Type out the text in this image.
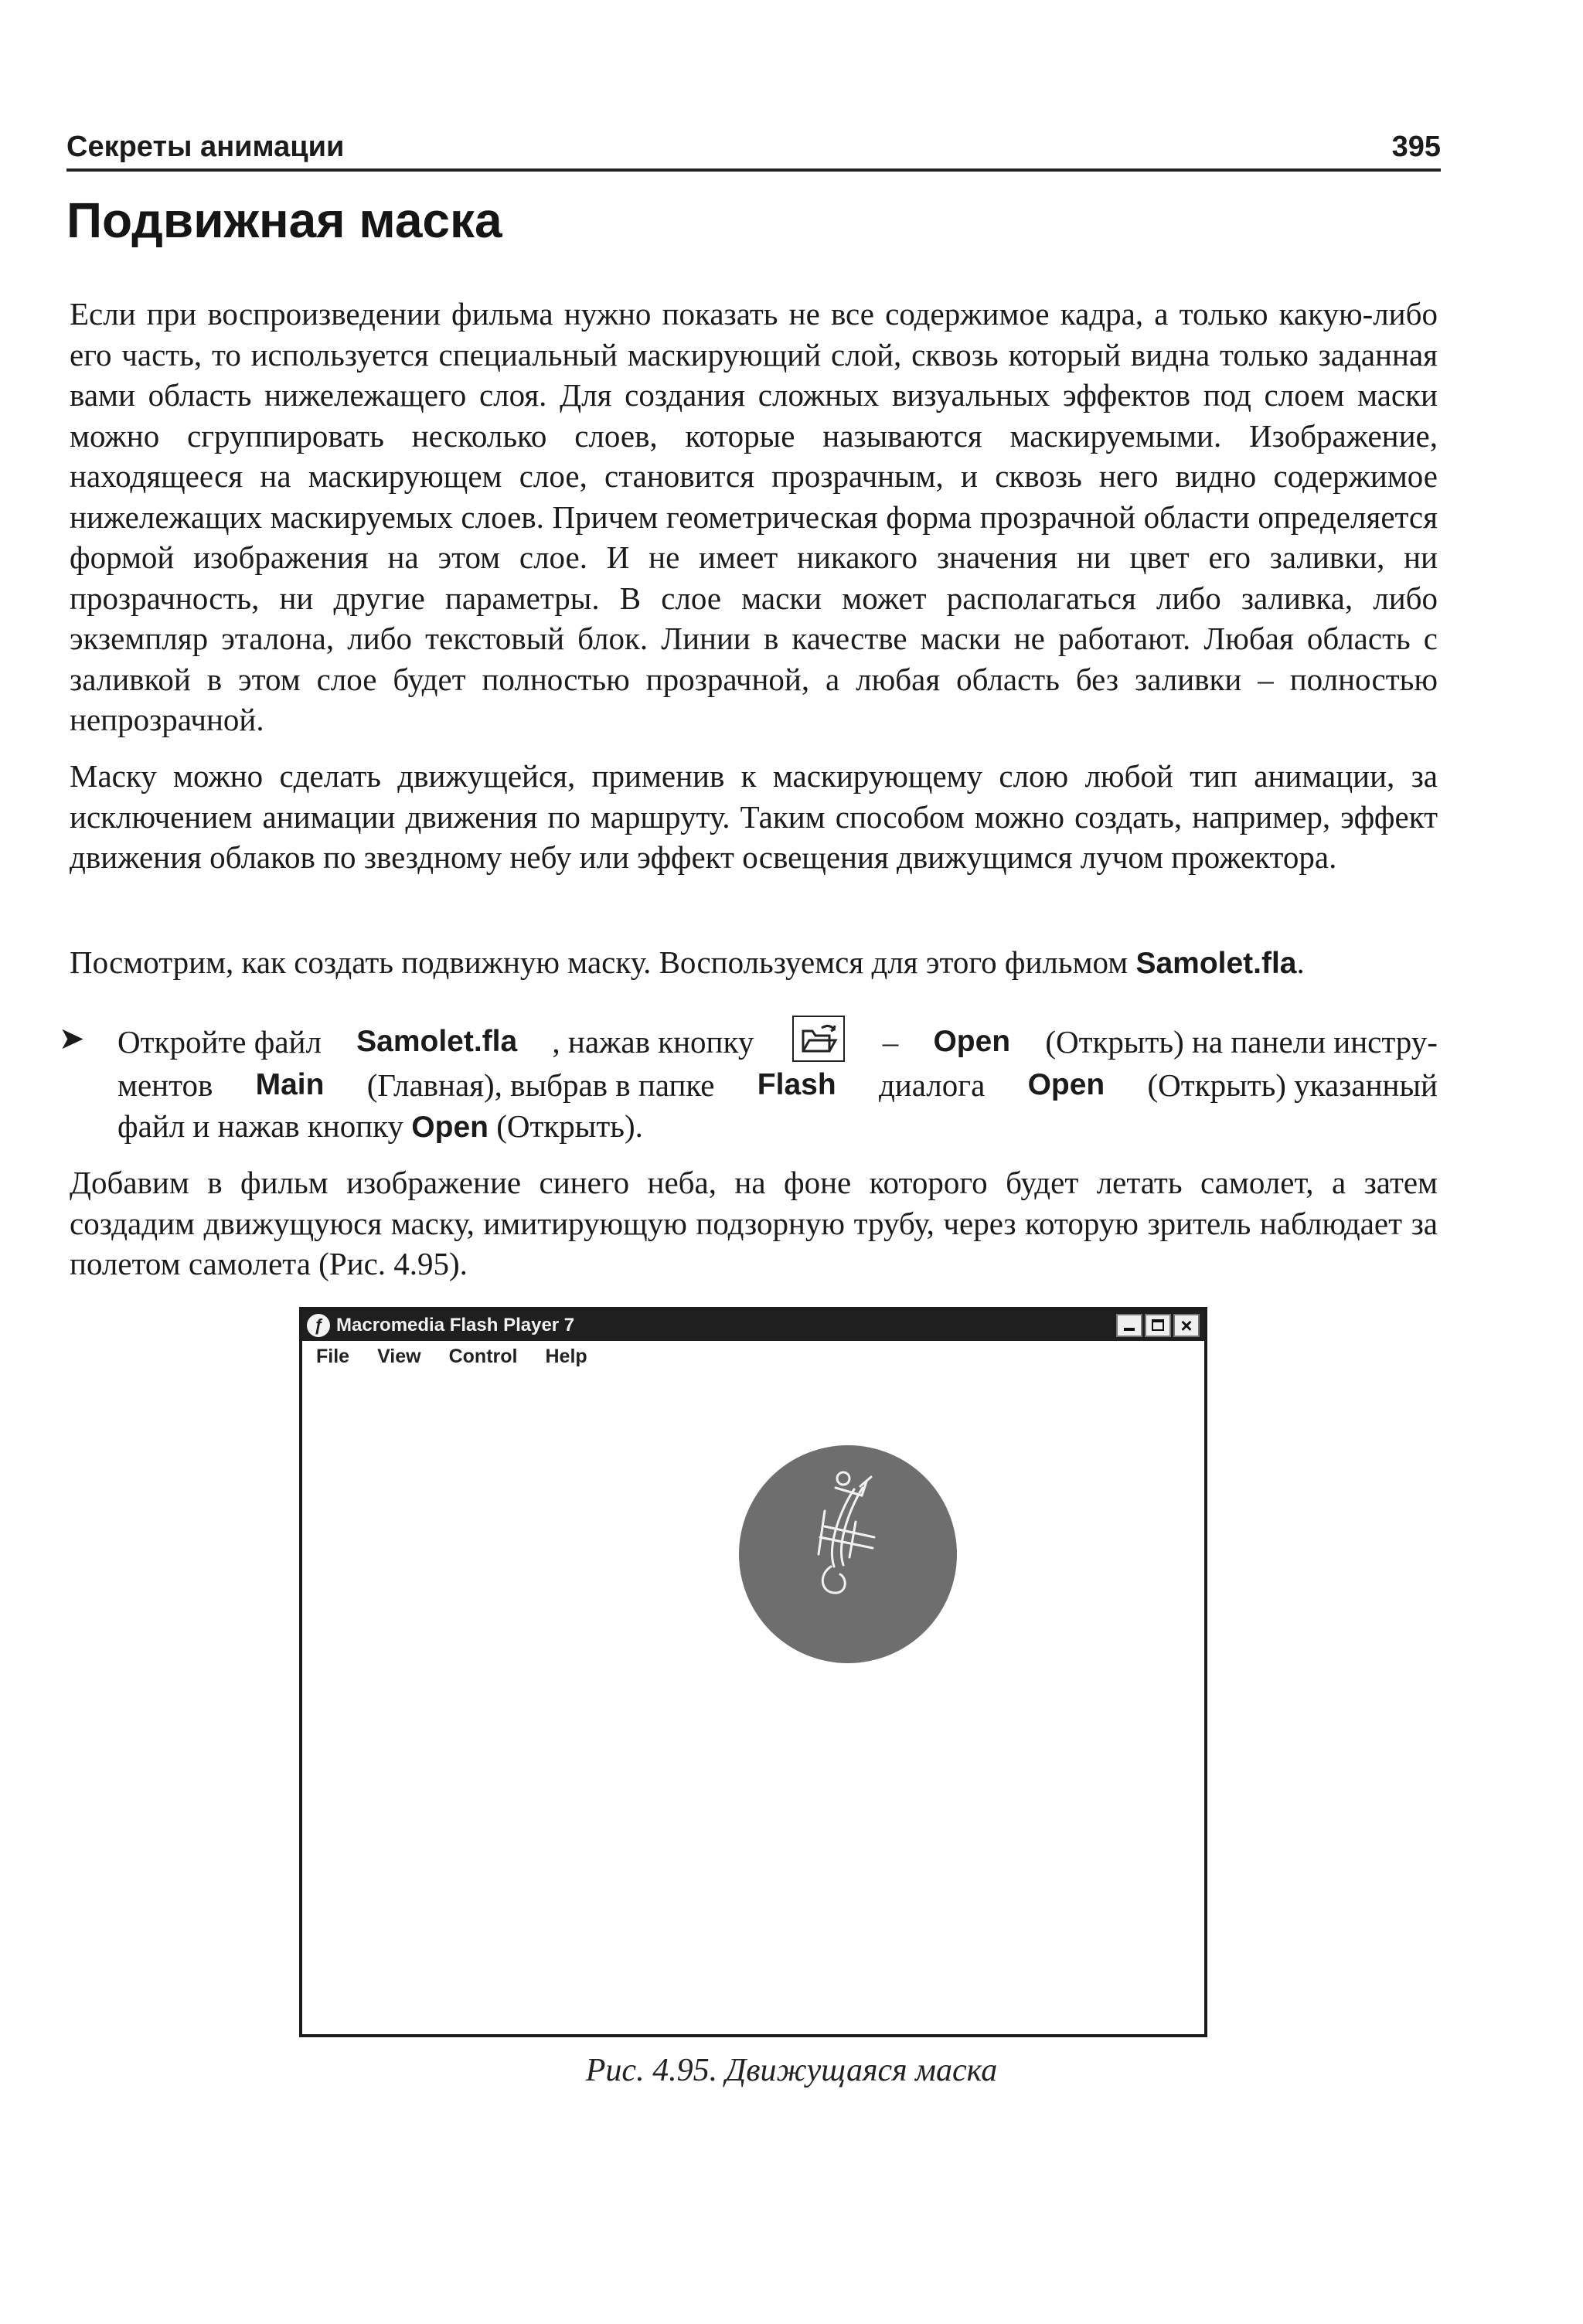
Секреты анимации	395
Подвижная маска

Если при воспроизведении фильма нужно показать не все содержимое кадра, а только какую-либо его часть, то используется специальный маскирующий слой, сквозь который видна только заданная вами область нижележащего слоя. Для создания сложных визуальных эффектов под слоем маски можно сгруппировать несколько слоев, которые называются маскируемыми. Изображение, находящееся на маскирующем слое, становится прозрачным, и сквозь него видно содержимое нижележащих маскируемых слоев. Причем геометрическая форма прозрачной области определяется формой изображения на этом слое. И не имеет никакого значения ни цвет его заливки, ни прозрачность, ни другие параметры. В слое маски может располагаться либо заливка, либо экземпляр эталона, либо текстовый блок. Линии в качестве маски не работают. Любая область с заливкой в этом слое будет полностью прозрачной, а любая область без заливки – полностью непрозрачной.

Маску можно сделать движущейся, применив к маскирующему слою любой тип анимации, за исключением анимации движения по маршруту. Таким способом можно создать, например, эффект движения облаков по звездному небу или эффект освещения движущимся лучом прожектора.

Посмотрим, как создать подвижную маску. Воспользуемся для этого фильмом Samolet.fla.

➤	Откройте файл Samolet.fla , нажав кнопку	– Open (Открыть) на панели инстру-
ментов Main (Главная), выбрав в папке Flash диалога Open (Открыть) указанный
файл и нажав кнопку Open (Открыть).

Добавим в фильм изображение синего неба, на фоне которого будет летать самолет, а затем создадим движущуюся маску, имитирующую подзорную трубу, через которую зритель наблюдает за полетом самолета (Рис. 4.95).

ƒ Macromedia Flash Player 7	×
File View Control Help

Рис. 4.95. Движущаяся маска
